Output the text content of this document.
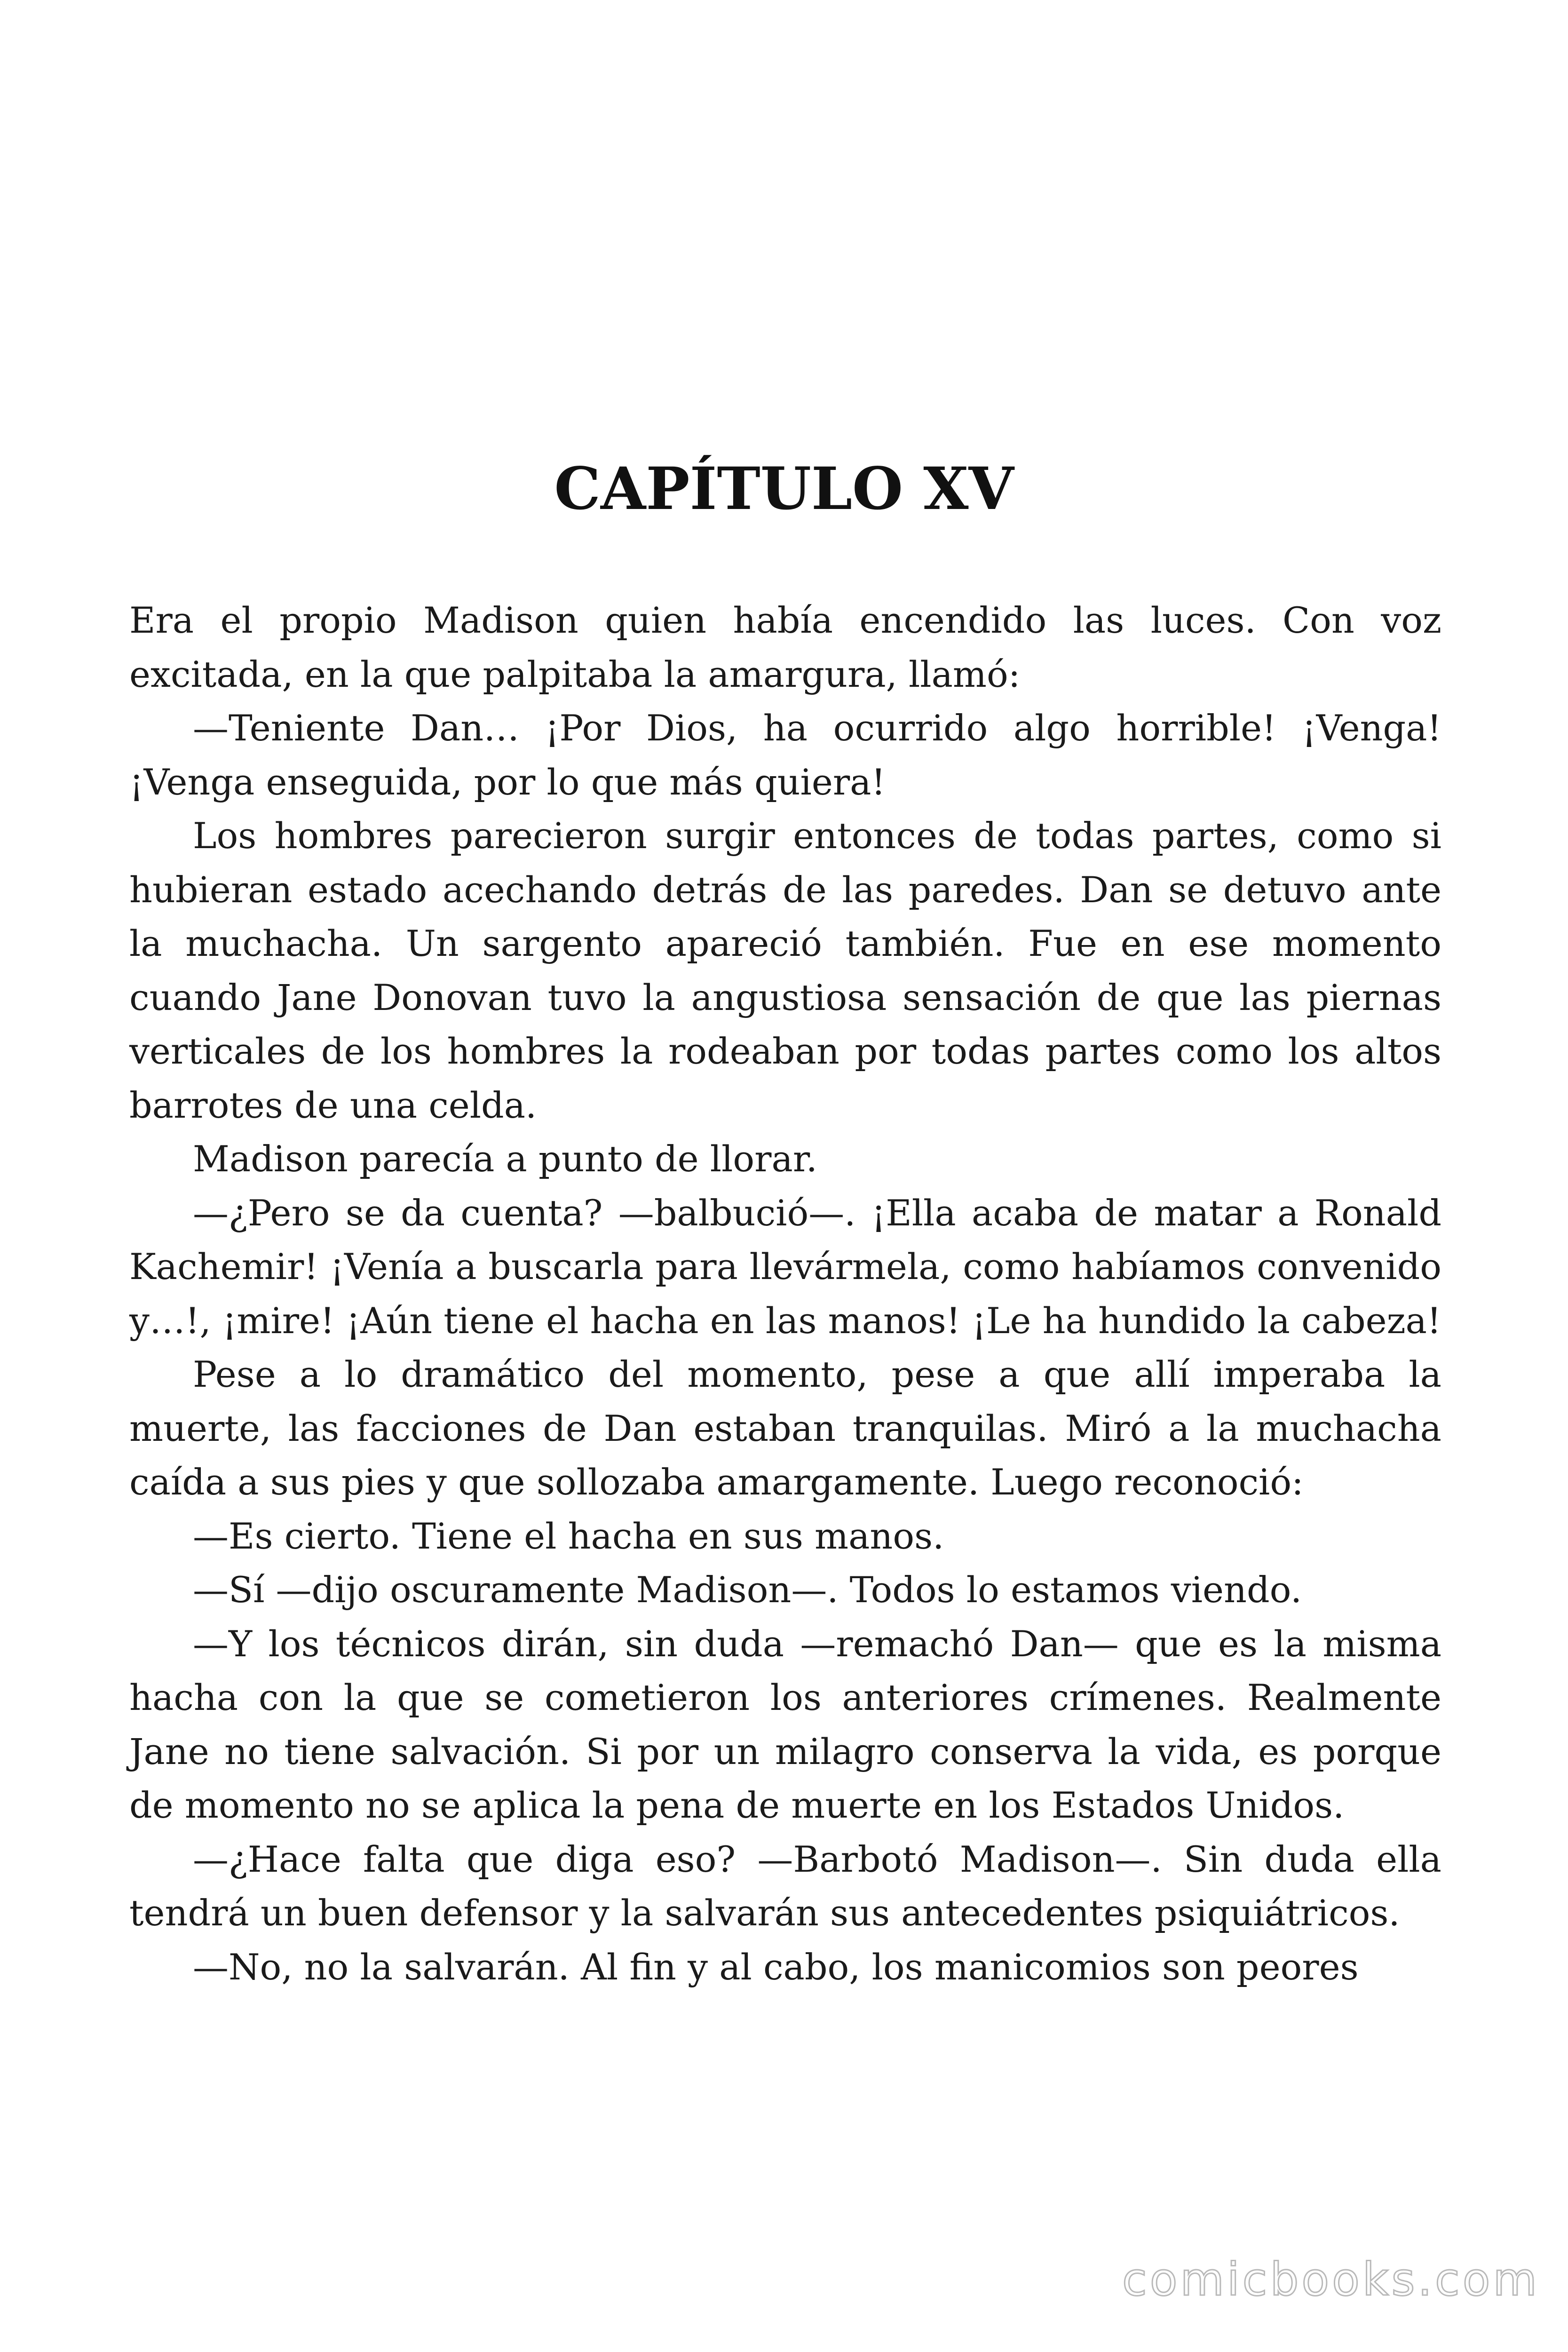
CAPÍTULO XV

Era el propio Madison quien había encendido las luces. Con voz excitada, en la que palpitaba la amargura, llamó:

—Teniente Dan… ¡Por Dios, ha ocurrido algo horrible! ¡Venga! ¡Venga enseguida, por lo que más quiera!

Los hombres parecieron surgir entonces de todas partes, como si hubieran estado acechando detrás de las paredes. Dan se detuvo ante la muchacha. Un sargento apareció también. Fue en ese momento cuando Jane Donovan tuvo la angustiosa sensación de que las piernas verticales de los hombres la rodeaban por todas partes como los altos barrotes de una celda.

Madison parecía a punto de llorar.

—¿Pero se da cuenta? —balbució—. ¡Ella acaba de matar a Ronald Kachemir! ¡Venía a buscarla para llevármela, como habíamos convenido y…!, ¡mire! ¡Aún tiene el hacha en las manos! ¡Le ha hundido la cabeza!

Pese a lo dramático del momento, pese a que allí imperaba la muerte, las facciones de Dan estaban tranquilas. Miró a la muchacha caída a sus pies y que sollozaba amargamente. Luego reconoció:

—Es cierto. Tiene el hacha en sus manos.

—Sí —dijo oscuramente Madison—. Todos lo estamos viendo.

—Y los técnicos dirán, sin duda —remachó Dan— que es la misma hacha con la que se cometieron los anteriores crímenes. Realmente Jane no tiene salvación. Si por un milagro conserva la vida, es porque de momento no se aplica la pena de muerte en los Estados Unidos.

—¿Hace falta que diga eso? —Barbotó Madison—. Sin duda ella tendrá un buen defensor y la salvarán sus antecedentes psiquiátricos.

—No, no la salvarán. Al fin y al cabo, los manicomios son peores

comicbooks.com
